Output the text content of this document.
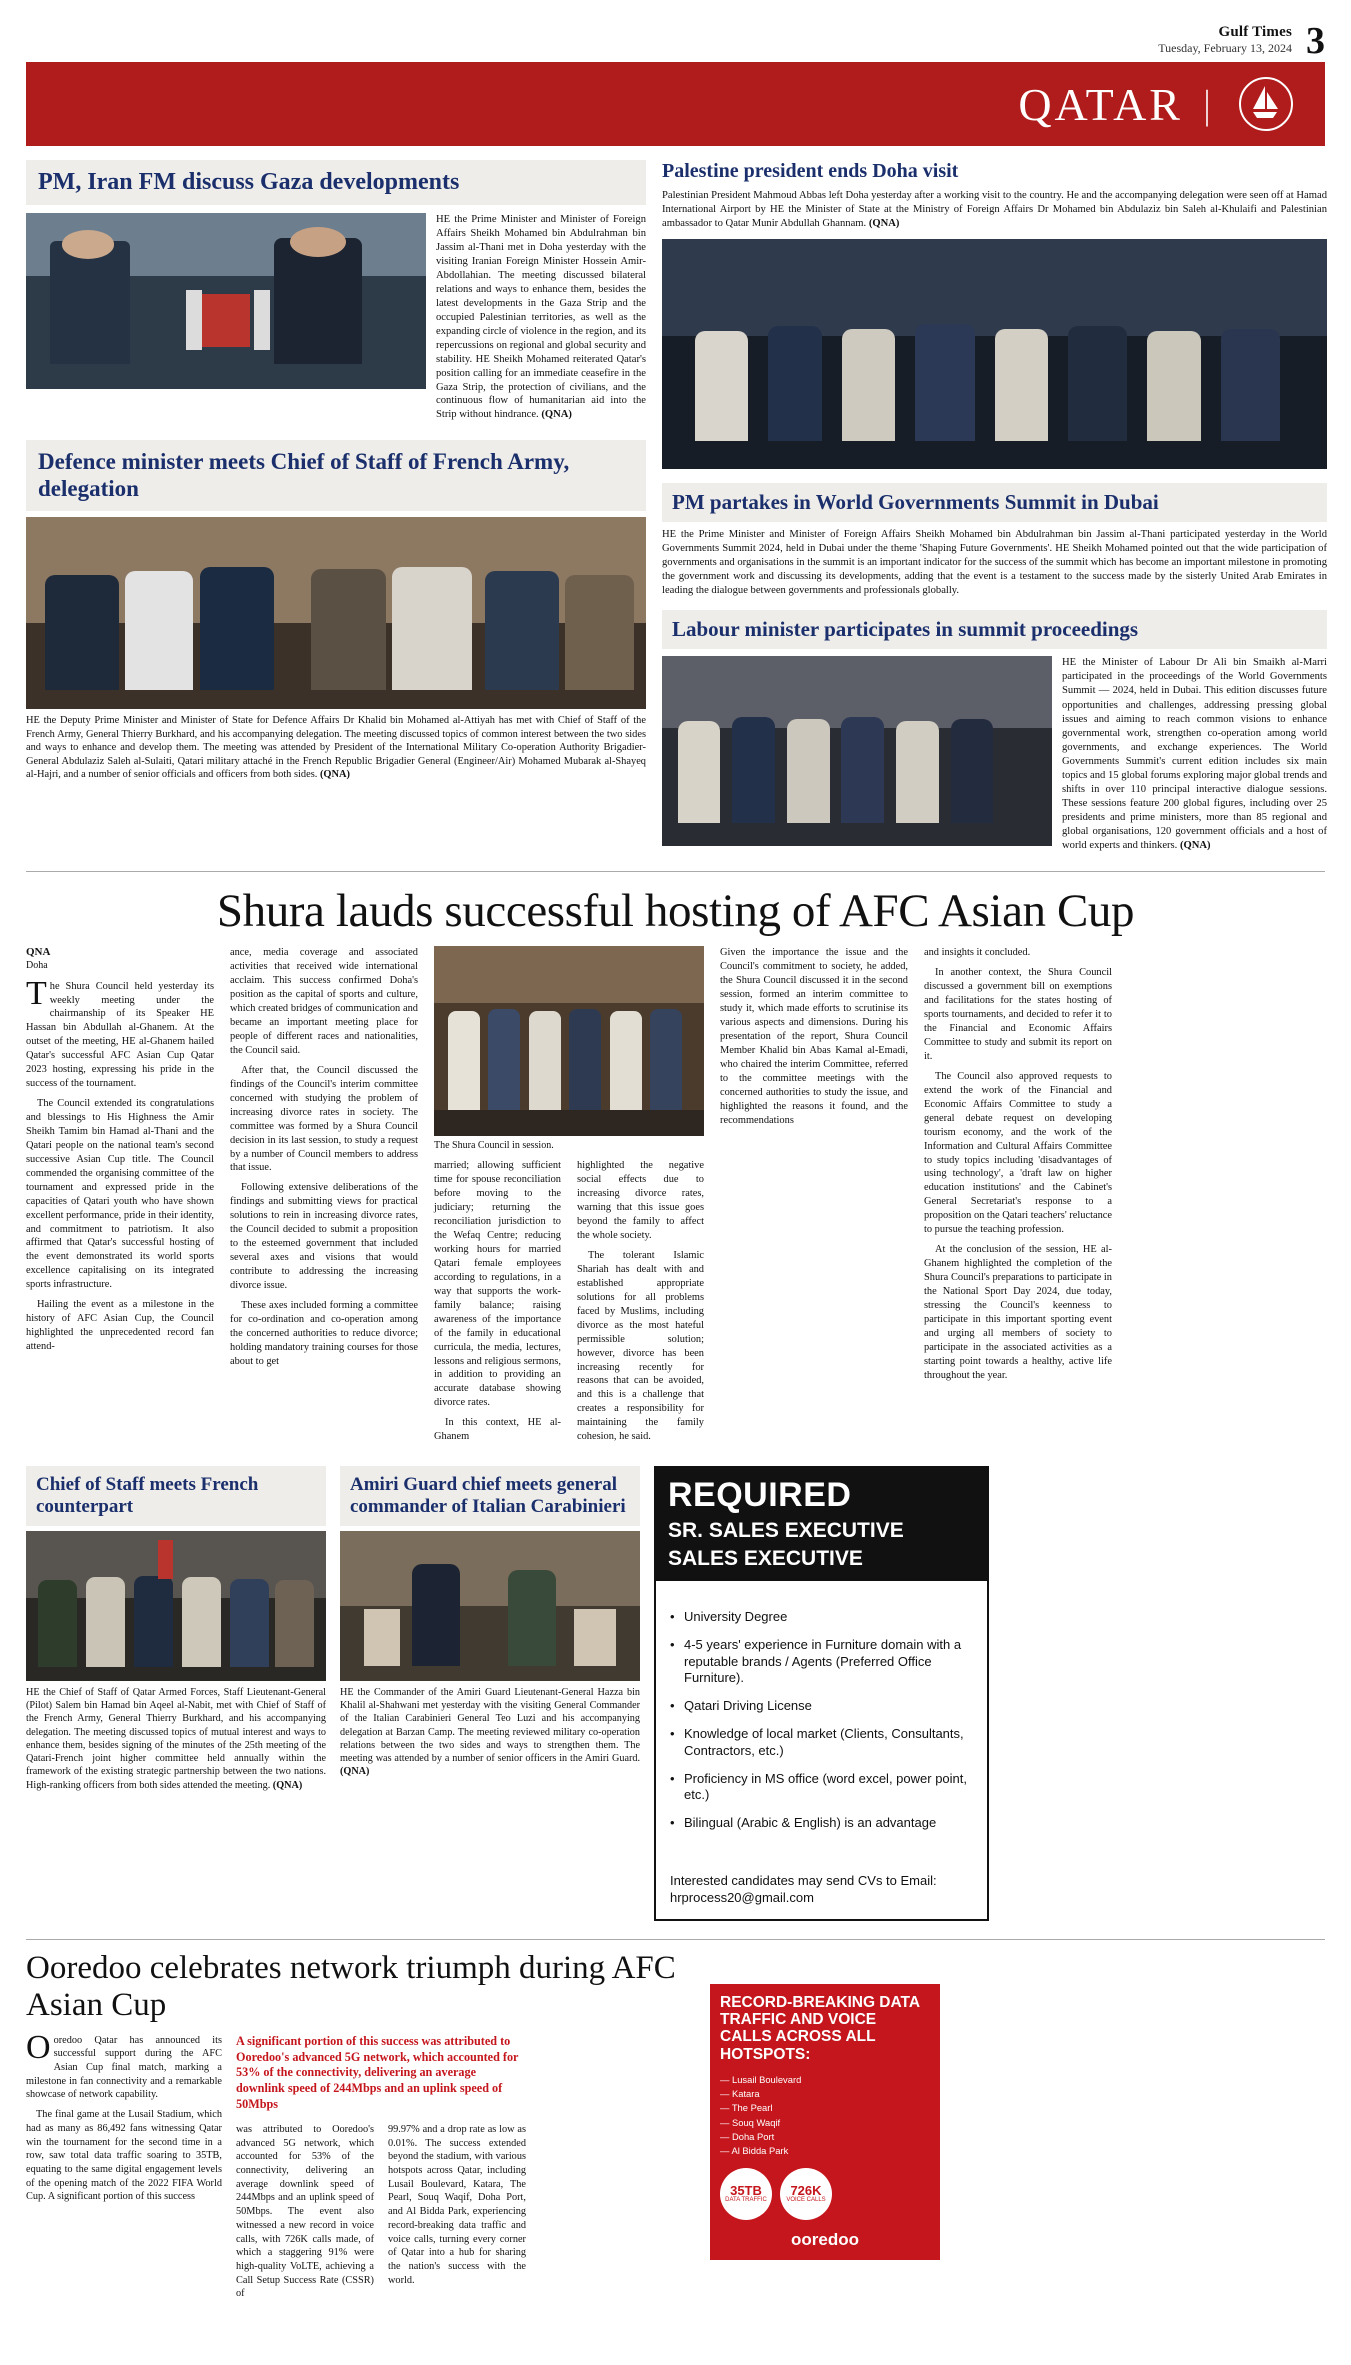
Gulf Times
Tuesday, February 13, 2024 3
QATAR |
PM, Iran FM discuss Gaza developments
HE the Prime Minister and Minister of Foreign Affairs Sheikh Mohamed bin Abdulrahman bin Jassim al-Thani met in Doha yesterday with the visiting Iranian Foreign Minister Hossein Amir-Abdollahian. The meeting discussed bilateral relations and ways to enhance them, besides the latest developments in the Gaza Strip and the occupied Palestinian territories, as well as the expanding circle of violence in the region, and its repercussions on regional and global security and stability. HE Sheikh Mohamed reiterated Qatar's position calling for an immediate ceasefire in the Gaza Strip, the protection of civilians, and the continuous flow of humanitarian aid into the Strip without hindrance. (QNA)
Defence minister meets Chief of Staff of French Army, delegation
HE the Deputy Prime Minister and Minister of State for Defence Affairs Dr Khalid bin Mohamed al-Attiyah has met with Chief of Staff of the French Army, General Thierry Burkhard, and his accompanying delegation. The meeting discussed topics of common interest between the two sides and ways to enhance and develop them. The meeting was attended by President of the International Military Co-operation Authority Brigadier-General Abdulaziz Saleh al-Sulaiti, Qatari military attaché in the French Republic Brigadier General (Engineer/Air) Mohamed Mubarak al-Shayeq al-Hajri, and a number of senior officials and officers from both sides. (QNA)
Palestine president ends Doha visit
Palestinian President Mahmoud Abbas left Doha yesterday after a working visit to the country. He and the accompanying delegation were seen off at Hamad International Airport by HE the Minister of State at the Ministry of Foreign Affairs Dr Mohamed bin Abdulaziz bin Saleh al-Khulaifi and Palestinian ambassador to Qatar Munir Abdullah Ghannam. (QNA)
PM partakes in World Governments Summit in Dubai
HE the Prime Minister and Minister of Foreign Affairs Sheikh Mohamed bin Abdulrahman bin Jassim al-Thani participated yesterday in the World Governments Summit 2024, held in Dubai under the theme 'Shaping Future Governments'. HE Sheikh Mohamed pointed out that the wide participation of governments and organisations in the summit is an important indicator for the success of the summit which has become an important milestone in promoting the government work and discussing its developments, adding that the event is a testament to the success made by the sisterly United Arab Emirates in leading the dialogue between governments and professionals globally.
Labour minister participates in summit proceedings
HE the Minister of Labour Dr Ali bin Smaikh al-Marri participated in the proceedings of the World Governments Summit — 2024, held in Dubai. This edition discusses future opportunities and challenges, addressing pressing global issues and aiming to reach common visions to enhance governmental work, strengthen co-operation among world governments, and exchange experiences. The World Governments Summit's current edition includes six main topics and 15 global forums exploring major global trends and shifts in over 110 principal interactive dialogue sessions. These sessions feature 200 global figures, including over 25 presidents and prime ministers, more than 85 regional and global organisations, 120 government officials and a host of world experts and thinkers. (QNA)
Shura lauds successful hosting of AFC Asian Cup
QNA
Doha

The Shura Council held yesterday its weekly meeting under the chairmanship of its Speaker HE Hassan bin Abdullah al-Ghanem. At the outset of the meeting, HE al-Ghanem hailed Qatar's successful AFC Asian Cup Qatar 2023 hosting, expressing his pride in the success of the tournament.

The Council extended its congratulations and blessings to His Highness the Amir Sheikh Tamim bin Hamad al-Thani and the Qatari people on the national team's second successive Asian Cup title. The Council commended the organising committee of the tournament and expressed pride in the capacities of Qatari youth who have shown excellent performance, pride in their identity, and commitment to patriotism. It also affirmed that Qatar's successful hosting of the event demonstrated its world sports excellence capitalising on its integrated sports infrastructure.

Hailing the event as a milestone in the history of AFC Asian Cup, the Council highlighted the unprecedented record fan attend-

ance, media coverage and associated activities that received wide international acclaim. This success confirmed Doha's position as the capital of sports and culture, which created bridges of communication and became an important meeting place for people of different races and nationalities, the Council said.

After that, the Council discussed the findings of the Council's interim committee concerned with studying the problem of increasing divorce rates in society. The committee was formed by a Shura Council decision in its last session, to study a request by a number of Council members to address that issue.

Following extensive deliberations of the findings and submitting views for practical solutions to rein in increasing divorce rates, the Council decided to submit a proposition to the esteemed government that included several axes and visions that would contribute to addressing the increasing divorce issue.

These axes included forming a committee for co-ordination and co-operation among the concerned authorities to reduce divorce; holding mandatory training courses for those about to get

The Shura Council in session.

married; allowing sufficient time for spouse reconciliation before moving to the judiciary; returning the reconciliation jurisdiction to the Wefaq Centre; reducing working hours for married Qatari female employees according to regulations, in a way that supports the work-family balance; raising awareness of the importance of the family in educational curricula, the media, lectures, lessons and religious sermons, in addition to providing an accurate database showing divorce rates.

In this context, HE al-Ghanem

highlighted the negative social effects due to increasing divorce rates, warning that this issue goes beyond the family to affect the whole society.

The tolerant Islamic Shariah has dealt with and established appropriate solutions for all problems faced by Muslims, including divorce as the most hateful permissible solution; however, divorce has been increasing recently for reasons that can be avoided, and this is a challenge that creates a responsibility for maintaining the family cohesion, he said.

Given the importance the issue and the Council's commitment to society, he added, the Shura Council discussed it in the second session, formed an interim committee to study it, which made efforts to scrutinise its various aspects and dimensions. During his presentation of the report, Shura Council Member Khalid bin Abas Kamal al-Emadi, who chaired the interim Committee, referred to the committee meetings with the concerned authorities to study the issue, and highlighted the reasons it found, and the recommendations

and insights it concluded.

In another context, the Shura Council discussed a government bill on exemptions and facilitations for the states hosting of sports tournaments, and decided to refer it to the Financial and Economic Affairs Committee to study and submit its report on it.

The Council also approved requests to extend the work of the Financial and Economic Affairs Committee to study a general debate request on developing tourism economy, and the work of the Information and Cultural Affairs Committee to study topics including 'disadvantages of using technology', a 'draft law on higher education institutions' and the Cabinet's General Secretariat's response to a proposition on the Qatari teachers' reluctance to pursue the teaching profession.

At the conclusion of the session, HE al-Ghanem highlighted the completion of the Shura Council's preparations to participate in the National Sport Day 2024, due today, stressing the Council's keenness to participate in this important sporting event and urging all members of society to participate in the associated activities as a starting point towards a healthy, active life throughout the year.

Chief of Staff meets French counterpart
HE the Chief of Staff of Qatar Armed Forces, Staff Lieutenant-General (Pilot) Salem bin Hamad bin Aqeel al-Nabit, met with Chief of Staff of the French Army, General Thierry Burkhard, and his accompanying delegation. The meeting discussed topics of mutual interest and ways to enhance them, besides signing of the minutes of the 25th meeting of the Qatari-French joint higher committee held annually within the framework of the existing strategic partnership between the two nations. High-ranking officers from both sides attended the meeting. (QNA)
Amiri Guard chief meets general commander of Italian Carabinieri
HE the Commander of the Amiri Guard Lieutenant-General Hazza bin Khalil al-Shahwani met yesterday with the visiting General Commander of the Italian Carabinieri General Teo Luzi and his accompanying delegation at Barzan Camp. The meeting reviewed military co-operation relations between the two sides and ways to strengthen them. The meeting was attended by a number of senior officers in the Amiri Guard. (QNA)
REQUIRED
SR. SALES EXECUTIVE
SALES EXECUTIVE
• University Degree
• 4-5 years' experience in Furniture domain with a reputable brands / Agents (Preferred Office Furniture).
• Qatari Driving License
• Knowledge of local market (Clients, Consultants, Contractors, etc.)
• Proficiency in MS office (word excel, power point, etc.)
• Bilingual (Arabic & English) is an advantage
Interested candidates may send CVs to Email: hrprocess20@gmail.com
Ooredoo celebrates network triumph during AFC Asian Cup

Ooredoo Qatar has announced its successful support during the AFC Asian Cup final match, marking a milestone in fan connectivity and a remarkable showcase of network capability.

The final game at the Lusail Stadium, which had as many as 86,492 fans witnessing Qatar win the tournament for the second time in a row, saw total data traffic soaring to 35TB, equating to the same digital engagement levels of the opening match of the 2022 FIFA World Cup. A significant portion of this success

A significant portion of this success was attributed to Ooredoo's advanced 5G network, which accounted for 53% of the connectivity, delivering an average downlink speed of 244Mbps and an uplink speed of 50Mbps

was attributed to Ooredoo's advanced 5G network, which accounted for 53% of the connectivity, delivering an average downlink speed of 244Mbps and an uplink speed of 50Mbps. The event also witnessed a new record in voice calls, with 726K calls made, of which a staggering 91% were high-quality VoLTE, achieving a Call Setup Success Rate (CSSR) of

99.97% and a drop rate as low as 0.01%. The success extended beyond the stadium, with various hotspots across Qatar, including Lusail Boulevard, Katara, The Pearl, Souq Waqif, Doha Port, and Al Bidda Park, experiencing record-breaking data traffic and voice calls, turning every corner of Qatar into a hub for sharing the nation's success with the world.

RECORD-BREAKING DATA TRAFFIC AND VOICE CALLS ACROSS ALL
HOTSPOTS:
— Lusail Boulevard
— Katara
— The Pearl
— Souq Waqif
— Doha Port
— Al Bidda Park
35TB
DATA TRAFFIC
726K
VOICE CALLS
ooredoo
